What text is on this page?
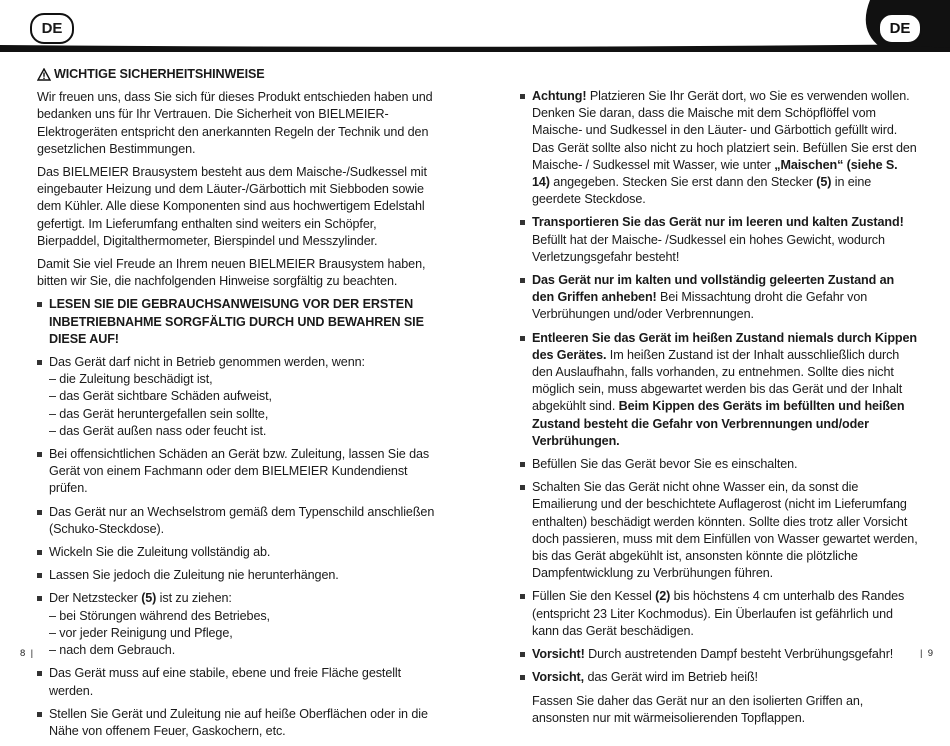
DE	DE
WICHTIGE SICHERHEITSHINWEISE

Wir freuen uns, dass Sie sich für dieses Produkt entschieden haben und bedanken uns für Ihr Vertrauen. Die Sicherheit von BIELMEIER-Elektrogeräten entspricht den anerkannten Regeln der Technik und den gesetzlichen Bestimmungen.

Das BIELMEIER Brausystem besteht aus dem Maische-/Sudkessel mit eingebauter Heizung und dem Läuter-/Gärbottich mit Siebboden sowie dem Kühler. Alle diese Komponenten sind aus hochwertigem Edelstahl gefertigt. Im Lieferumfang enthalten sind weiters ein Schöpfer, Bierpaddel, Digitalthermometer, Bierspindel und Messzylinder.

Damit Sie viel Freude an Ihrem neuen BIELMEIER Brausystem haben, bitten wir Sie, die nachfolgenden Hinweise sorgfältig zu beachten.

LESEN SIE DIE GEBRAUCHSANWEISUNG VOR DER ERSTEN INBETRIEBNAHME SORGFÄLTIG DURCH UND BEWAHREN SIE DIESE AUF!
Das Gerät darf nicht in Betrieb genommen werden, wenn:
– die Zuleitung beschädigt ist,
– das Gerät sichtbare Schäden aufweist,
– das Gerät heruntergefallen sein sollte,
– das Gerät außen nass oder feucht ist.
Bei offensichtlichen Schäden an Gerät bzw. Zuleitung, lassen Sie das Gerät von einem Fachmann oder dem BIELMEIER Kundendienst prüfen.
Das Gerät nur an Wechselstrom gemäß dem Typenschild anschließen (Schuko-Steckdose).
Wickeln Sie die Zuleitung vollständig ab.
Lassen Sie jedoch die Zuleitung nie herunterhängen.
Der Netzstecker (5) ist zu ziehen:
– bei Störungen während des Betriebes,
– vor jeder Reinigung und Pflege,
– nach dem Gebrauch.
Das Gerät muss auf eine stabile, ebene und freie Fläche gestellt werden.
Stellen Sie Gerät und Zuleitung nie auf heiße Oberflächen oder in die Nähe von offenem Feuer, Gaskochern, etc.
Achtung! Platzieren Sie Ihr Gerät dort, wo Sie es verwenden wollen. Denken Sie daran, dass die Maische mit dem Schöpflöffel vom Maische- und Sudkessel in den Läuter- und Gärbottich gefüllt wird. Das Gerät sollte also nicht zu hoch platziert sein. Befüllen Sie erst den Maische- / Sudkessel mit Wasser, wie unter „Maischen“ (siehe S. 14) angegeben. Stecken Sie erst dann den Stecker (5) in eine geerdete Steckdose.
Transportieren Sie das Gerät nur im leeren und kalten Zustand! Befüllt hat der Maische- /Sudkessel ein hohes Gewicht, wodurch Verletzungsgefahr besteht!
Das Gerät nur im kalten und vollständig geleerten Zustand an den Griffen anheben! Bei Missachtung droht die Gefahr von Verbrühungen und/oder Verbrennungen.
Entleeren Sie das Gerät im heißen Zustand niemals durch Kippen des Gerätes. Im heißen Zustand ist der Inhalt ausschließlich durch den Auslaufhahn, falls vorhanden, zu entnehmen. Sollte dies nicht möglich sein, muss abgewartet werden bis das Gerät und der Inhalt abgekühlt sind. Beim Kippen des Geräts im befüllten und heißen Zustand besteht die Gefahr von Verbrennungen und/oder Verbrühungen.
Befüllen Sie das Gerät bevor Sie es einschalten.
Schalten Sie das Gerät nicht ohne Wasser ein, da sonst die Emailierung und der beschichtete Auflagerost (nicht im Lieferumfang enthalten) beschädigt werden könnten. Sollte dies trotz aller Vorsicht doch passieren, muss mit dem Einfüllen von Wasser gewartet werden, bis das Gerät abgekühlt ist, ansonsten könnte die plötzliche Dampfentwicklung zu Verbrühungen führen.
Füllen Sie den Kessel (2) bis höchstens 4 cm unterhalb des Randes (entspricht 23 Liter Kochmodus). Ein Überlaufen ist gefährlich und kann das Gerät beschädigen.
Vorsicht! Durch austretenden Dampf besteht Verbrühungsgefahr!
Vorsicht, das Gerät wird im Betrieb heiß!
Fassen Sie daher das Gerät nur an den isolierten Griffen an, ansonsten nur mit wärmeisolierenden Topflappen.
8  |	|  9
